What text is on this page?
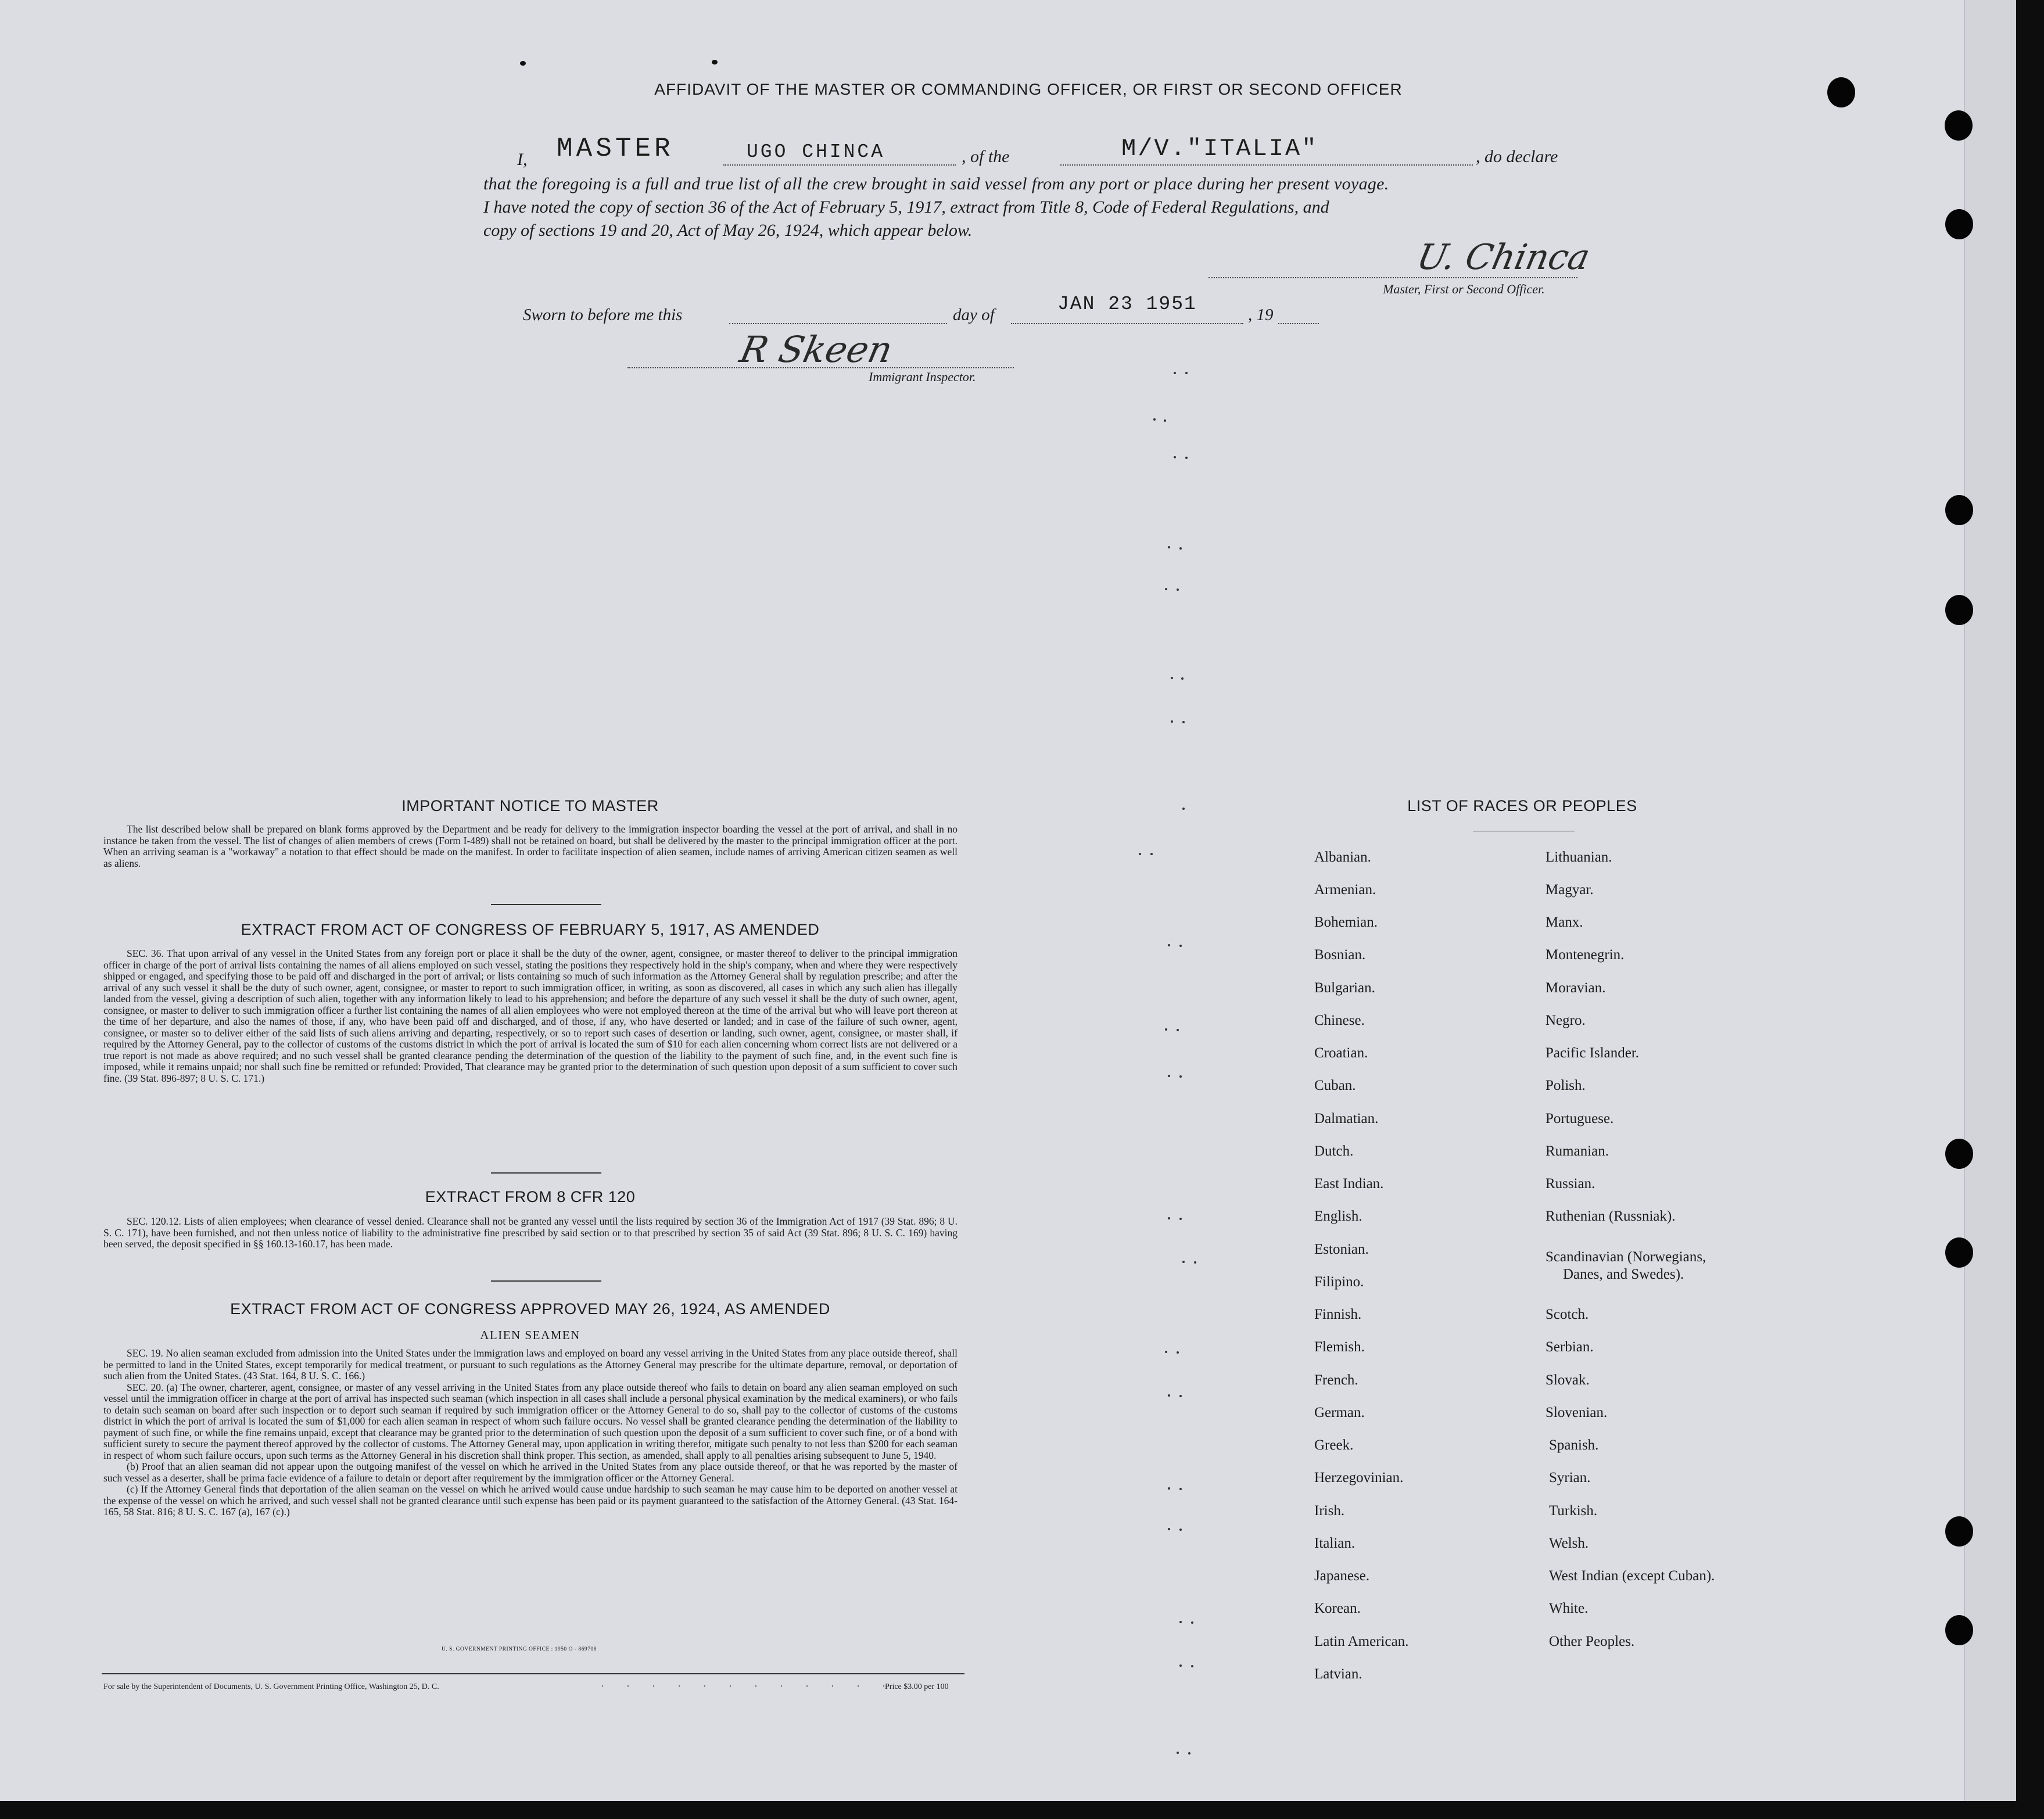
AFFIDAVIT OF THE MASTER OR COMMANDING OFFICER, OR FIRST OR SECOND OFFICER
I, MASTER	UGO CHINCA	, of the	M/V."ITALIA"	, do declare
that the foregoing is a full and true list of all the crew brought in said vessel from any port or place during her present voyage.
I have noted the copy of section 36 of the Act of February 5, 1917, extract from Title 8, Code of Federal Regulations, and
copy of sections 19 and 20, Act of May 26, 1924, which appear below.
U. Chinca
Master, First or Second Officer.
Sworn to before me this	day of	JAN 23 1951	, 19
R Skeen
Immigrant Inspector.
IMPORTANT NOTICE TO MASTER

The list described below shall be prepared on blank forms approved by the Department and be ready for delivery to the immigration inspector boarding the vessel at the port of arrival, and shall in no instance be taken from the vessel. The list of changes of alien members of crews (Form I-489) shall not be retained on board, but shall be delivered by the master to the principal immigration officer at the port. When an arriving seaman is a "workaway" a notation to that effect should be made on the manifest. In order to facilitate inspection of alien seamen, include names of arriving American citizen seamen as well as aliens.

EXTRACT FROM ACT OF CONGRESS OF FEBRUARY 5, 1917, AS AMENDED

SEC. 36. That upon arrival of any vessel in the United States from any foreign port or place it shall be the duty of the owner, agent, consignee, or master thereof to deliver to the principal immigration officer in charge of the port of arrival lists containing the names of all aliens employed on such vessel, stating the positions they respectively hold in the ship's company, when and where they were respectively shipped or engaged, and specifying those to be paid off and discharged in the port of arrival; or lists containing so much of such information as the Attorney General shall by regulation prescribe; and after the arrival of any such vessel it shall be the duty of such owner, agent, consignee, or master to report to such immigration officer, in writing, as soon as discovered, all cases in which any such alien has illegally landed from the vessel, giving a description of such alien, together with any information likely to lead to his apprehension; and before the departure of any such vessel it shall be the duty of such owner, agent, consignee, or master to deliver to such immigration officer a further list containing the names of all alien employees who were not employed thereon at the time of the arrival but who will leave port thereon at the time of her departure, and also the names of those, if any, who have been paid off and discharged, and of those, if any, who have deserted or landed; and in case of the failure of such owner, agent, consignee, or master so to deliver either of the said lists of such aliens arriving and departing, respectively, or so to report such cases of desertion or landing, such owner, agent, consignee, or master shall, if required by the Attorney General, pay to the collector of customs of the customs district in which the port of arrival is located the sum of $10 for each alien concerning whom correct lists are not delivered or a true report is not made as above required; and no such vessel shall be granted clearance pending the determination of the question of the liability to the payment of such fine, and, in the event such fine is imposed, while it remains unpaid; nor shall such fine be remitted or refunded: Provided, That clearance may be granted prior to the determination of such question upon deposit of a sum sufficient to cover such fine. (39 Stat. 896-897; 8 U. S. C. 171.)

EXTRACT FROM 8 CFR 120

SEC. 120.12. Lists of alien employees; when clearance of vessel denied. Clearance shall not be granted any vessel until the lists required by section 36 of the Immigration Act of 1917 (39 Stat. 896; 8 U. S. C. 171), have been furnished, and not then unless notice of liability to the administrative fine prescribed by said section or to that prescribed by section 35 of said Act (39 Stat. 896; 8 U. S. C. 169) having been served, the deposit specified in §§ 160.13-160.17, has been made.

EXTRACT FROM ACT OF CONGRESS APPROVED MAY 26, 1924, AS AMENDED
ALIEN SEAMEN

SEC. 19. No alien seaman excluded from admission into the United States under the immigration laws and employed on board any vessel arriving in the United States from any place outside thereof, shall be permitted to land in the United States, except temporarily for medical treatment, or pursuant to such regulations as the Attorney General may prescribe for the ultimate departure, removal, or deportation of such alien from the United States. (43 Stat. 164, 8 U. S. C. 166.)

SEC. 20. (a) The owner, charterer, agent, consignee, or master of any vessel arriving in the United States from any place outside thereof who fails to detain on board any alien seaman employed on such vessel until the immigration officer in charge at the port of arrival has inspected such seaman (which inspection in all cases shall include a personal physical examination by the medical examiners), or who fails to detain such seaman on board after such inspection or to deport such seaman if required by such immigration officer or the Attorney General to do so, shall pay to the collector of customs of the customs district in which the port of arrival is located the sum of $1,000 for each alien seaman in respect of whom such failure occurs. No vessel shall be granted clearance pending the determination of the liability to payment of such fine, or while the fine remains unpaid, except that clearance may be granted prior to the determination of such question upon the deposit of a sum sufficient to cover such fine, or of a bond with sufficient surety to secure the payment thereof approved by the collector of customs. The Attorney General may, upon application in writing therefor, mitigate such penalty to not less than $200 for each seaman in respect of whom such failure occurs, upon such terms as the Attorney General in his discretion shall think proper. This section, as amended, shall apply to all penalties arising subsequent to June 5, 1940.

(b) Proof that an alien seaman did not appear upon the outgoing manifest of the vessel on which he arrived in the United States from any place outside thereof, or that he was reported by the master of such vessel as a deserter, shall be prima facie evidence of a failure to detain or deport after requirement by the immigration officer or the Attorney General.

(c) If the Attorney General finds that deportation of the alien seaman on the vessel on which he arrived would cause undue hardship to such seaman he may cause him to be deported on another vessel at the expense of the vessel on which he arrived, and such vessel shall not be granted clearance until such expense has been paid or its payment guaranteed to the satisfaction of the Attorney General. (43 Stat. 164-165, 58 Stat. 816; 8 U. S. C. 167 (a), 167 (c).)

U. S. GOVERNMENT PRINTING OFFICE : 1950 O - 869708
For sale by the Superintendent of Documents, U. S. Government Printing Office, Washington 25, D. C.	. . . . . . . . . . . .
Price $3.00 per 100
LIST OF RACES OR PEOPLES
Albanian.
Armenian.
Bohemian.
Bosnian.
Bulgarian.
Chinese.
Croatian.
Cuban.
Dalmatian.
Dutch.
East Indian.
English.
Estonian.
Filipino.
Finnish.
Flemish.
French.
German.
Greek.
Herzegovinian.
Irish.
Italian.
Japanese.
Korean.
Latin American.
Latvian.
Lithuanian.
Magyar.
Manx.
Montenegrin.
Moravian.
Negro.
Pacific Islander.
Polish.
Portuguese.
Rumanian.
Russian.
Ruthenian (Russniak).
Scandinavian (Norwegians,
Danes, and Swedes).
Scotch.
Serbian.
Slovak.
Slovenian.
Spanish.
Syrian.
Turkish.
Welsh.
West Indian (except Cuban).
White.
Other Peoples.
